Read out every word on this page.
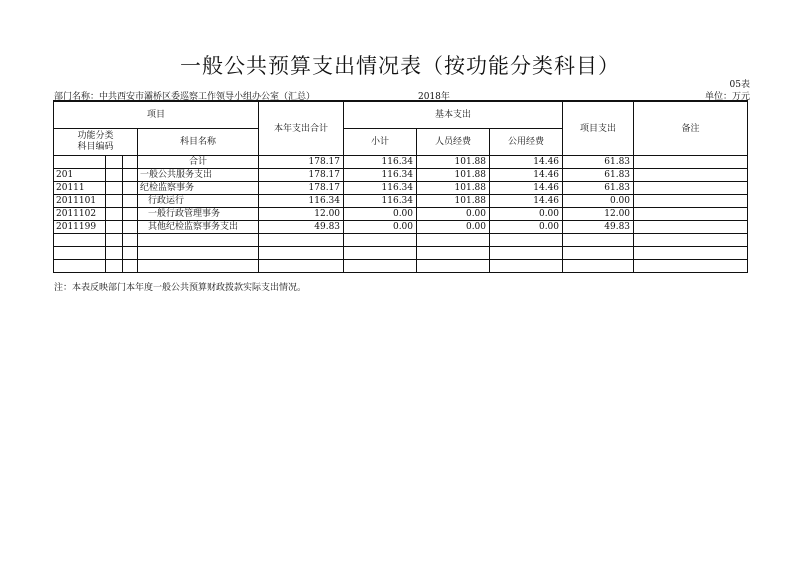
一般公共预算支出情况表（按功能分类科目）
05表
部门名称：中共西安市灞桥区委巡察工作领导小组办公室（汇总）	2018年	单位：万元
项目				本年支出合计	基本支出			项目支出	备注

功能分类
科目编码			科目名称		小计	人员经费	公用经费		
			合计	178.17	116.34	101.88	14.46	61.83	
201			一般公共服务支出	178.17	116.34	101.88	14.46	61.83	
20111			纪检监察事务	178.17	116.34	101.88	14.46	61.83	
2011101			行政运行	116.34	116.34	101.88	14.46	0.00	
2011102			一般行政管理事务	12.00	0.00	0.00	0.00	12.00	
2011199			其他纪检监察事务支出	49.83	0.00	0.00	0.00	49.83	

注：本表反映部门本年度一般公共预算财政拨款实际支出情况。
